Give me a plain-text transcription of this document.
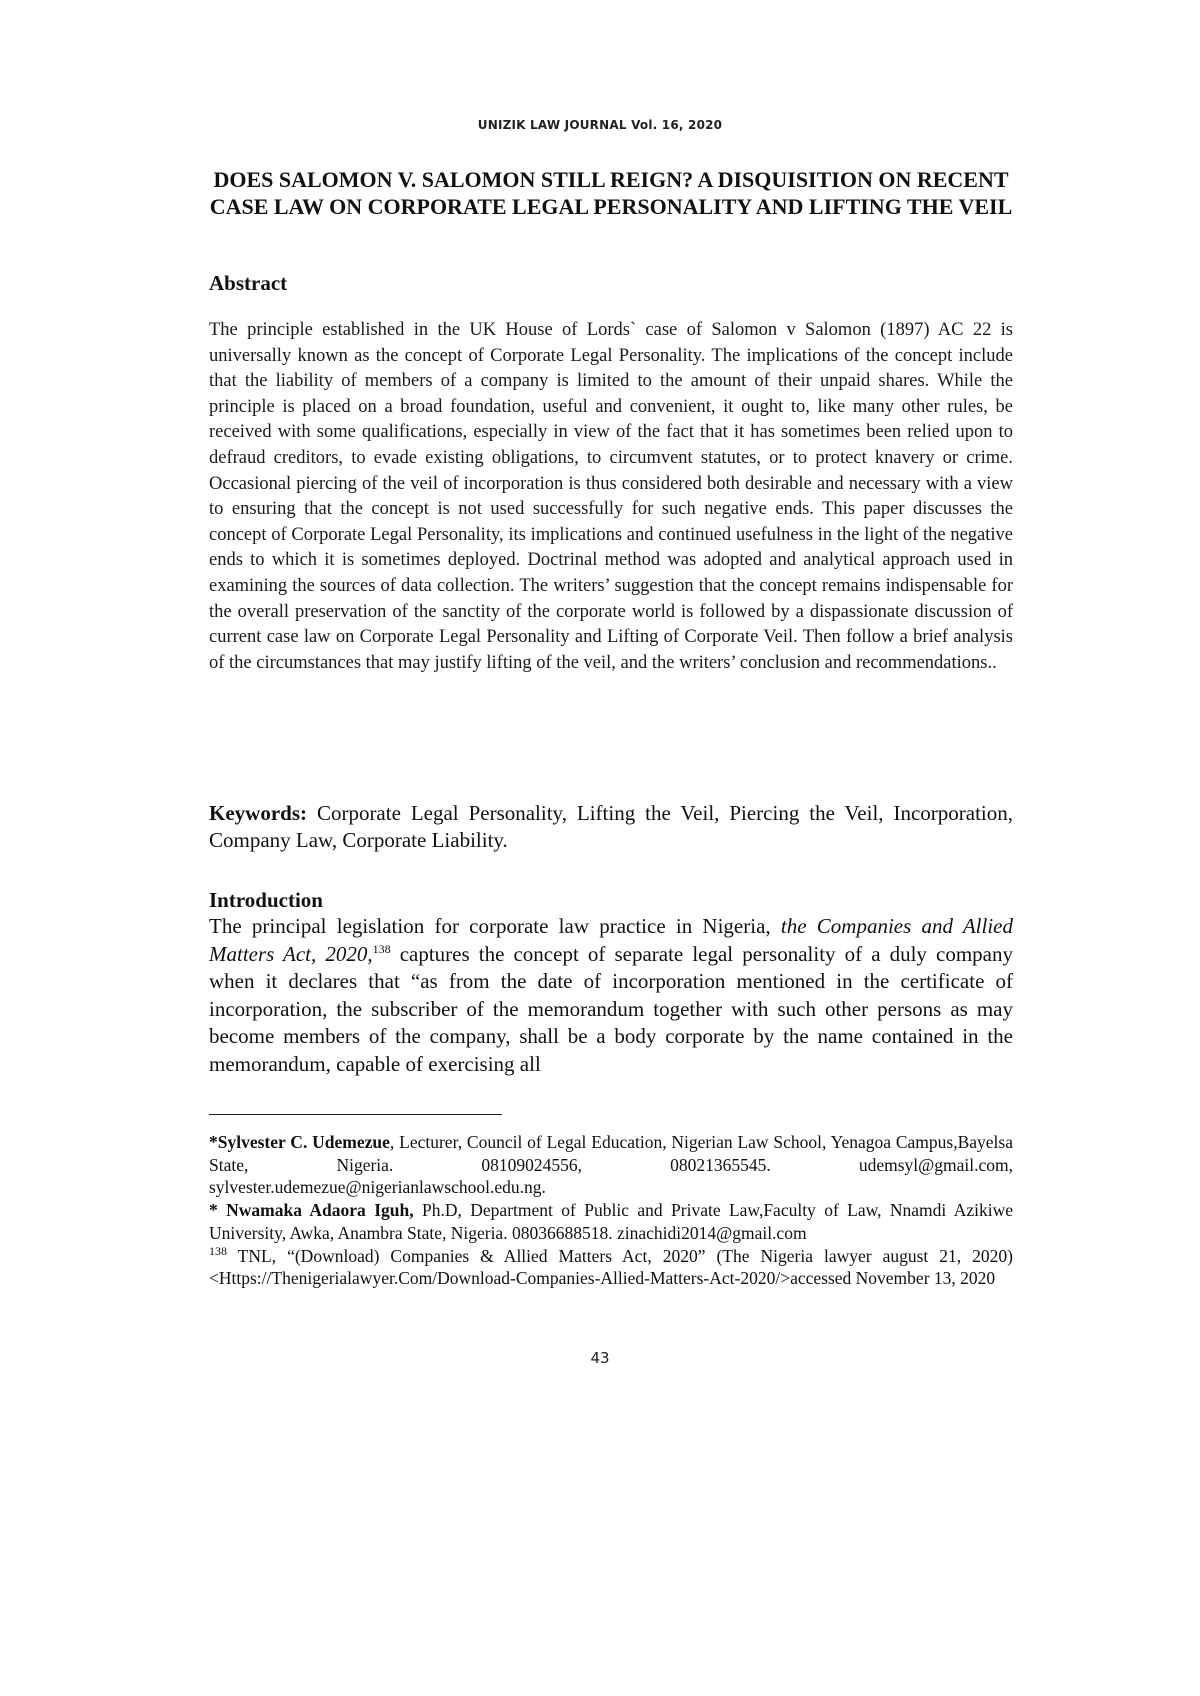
UNIZIK LAW JOURNAL Vol. 16, 2020
DOES SALOMON V. SALOMON STILL REIGN? A DISQUISITION ON RECENT CASE LAW ON CORPORATE LEGAL PERSONALITY AND LIFTING THE VEIL
Abstract
The principle established in the UK House of Lords` case of Salomon v Salomon (1897) AC 22 is universally known as the concept of Corporate Legal Personality. The implications of the concept include that the liability of members of a company is limited to the amount of their unpaid shares. While the principle is placed on a broad foundation, useful and convenient, it ought to, like many other rules, be received with some qualifications, especially in view of the fact that it has sometimes been relied upon to defraud creditors, to evade existing obligations, to circumvent statutes, or to protect knavery or crime. Occasional piercing of the veil of incorporation is thus considered both desirable and necessary with a view to ensuring that the concept is not used successfully for such negative ends. This paper discusses the concept of Corporate Legal Personality, its implications and continued usefulness in the light of the negative ends to which it is sometimes deployed. Doctrinal method was adopted and analytical approach used in examining the sources of data collection. The writers’ suggestion that the concept remains indispensable for the overall preservation of the sanctity of the corporate world is followed by a dispassionate discussion of current case law on Corporate Legal Personality and Lifting of Corporate Veil. Then follow a brief analysis of the circumstances that may justify lifting of the veil, and the writers’ conclusion and recommendations..
Keywords: Corporate Legal Personality, Lifting the Veil, Piercing the Veil, Incorporation, Company Law, Corporate Liability.
Introduction
The principal legislation for corporate law practice in Nigeria, the Companies and Allied Matters Act, 2020,$^{138}$ captures the concept of separate legal personality of a duly company when it declares that “as from the date of incorporation mentioned in the certificate of incorporation, the subscriber of the memorandum together with such other persons as may become members of the company, shall be a body corporate by the name contained in the memorandum, capable of exercising all

*Sylvester C. Udemezue, Lecturer, Council of Legal Education, Nigerian Law School, Yenagoa Campus,Bayelsa State, Nigeria. 08109024556, 08021365545. udemsyl@gmail.com, sylvester.udemezue@nigerianlawschool.edu.ng.

* Nwamaka Adaora Iguh, Ph.D, Department of Public and Private Law,Faculty of Law, Nnamdi Azikiwe University, Awka, Anambra State, Nigeria. 08036688518. zinachidi2014@gmail.com

$^{138}$ TNL, “(Download) Companies & Allied Matters Act, 2020” (The Nigeria lawyer august 21, 2020) <Https://Thenigerialawyer.Com/Download-Companies-Allied-Matters-Act-2020/>accessed November 13, 2020

43
